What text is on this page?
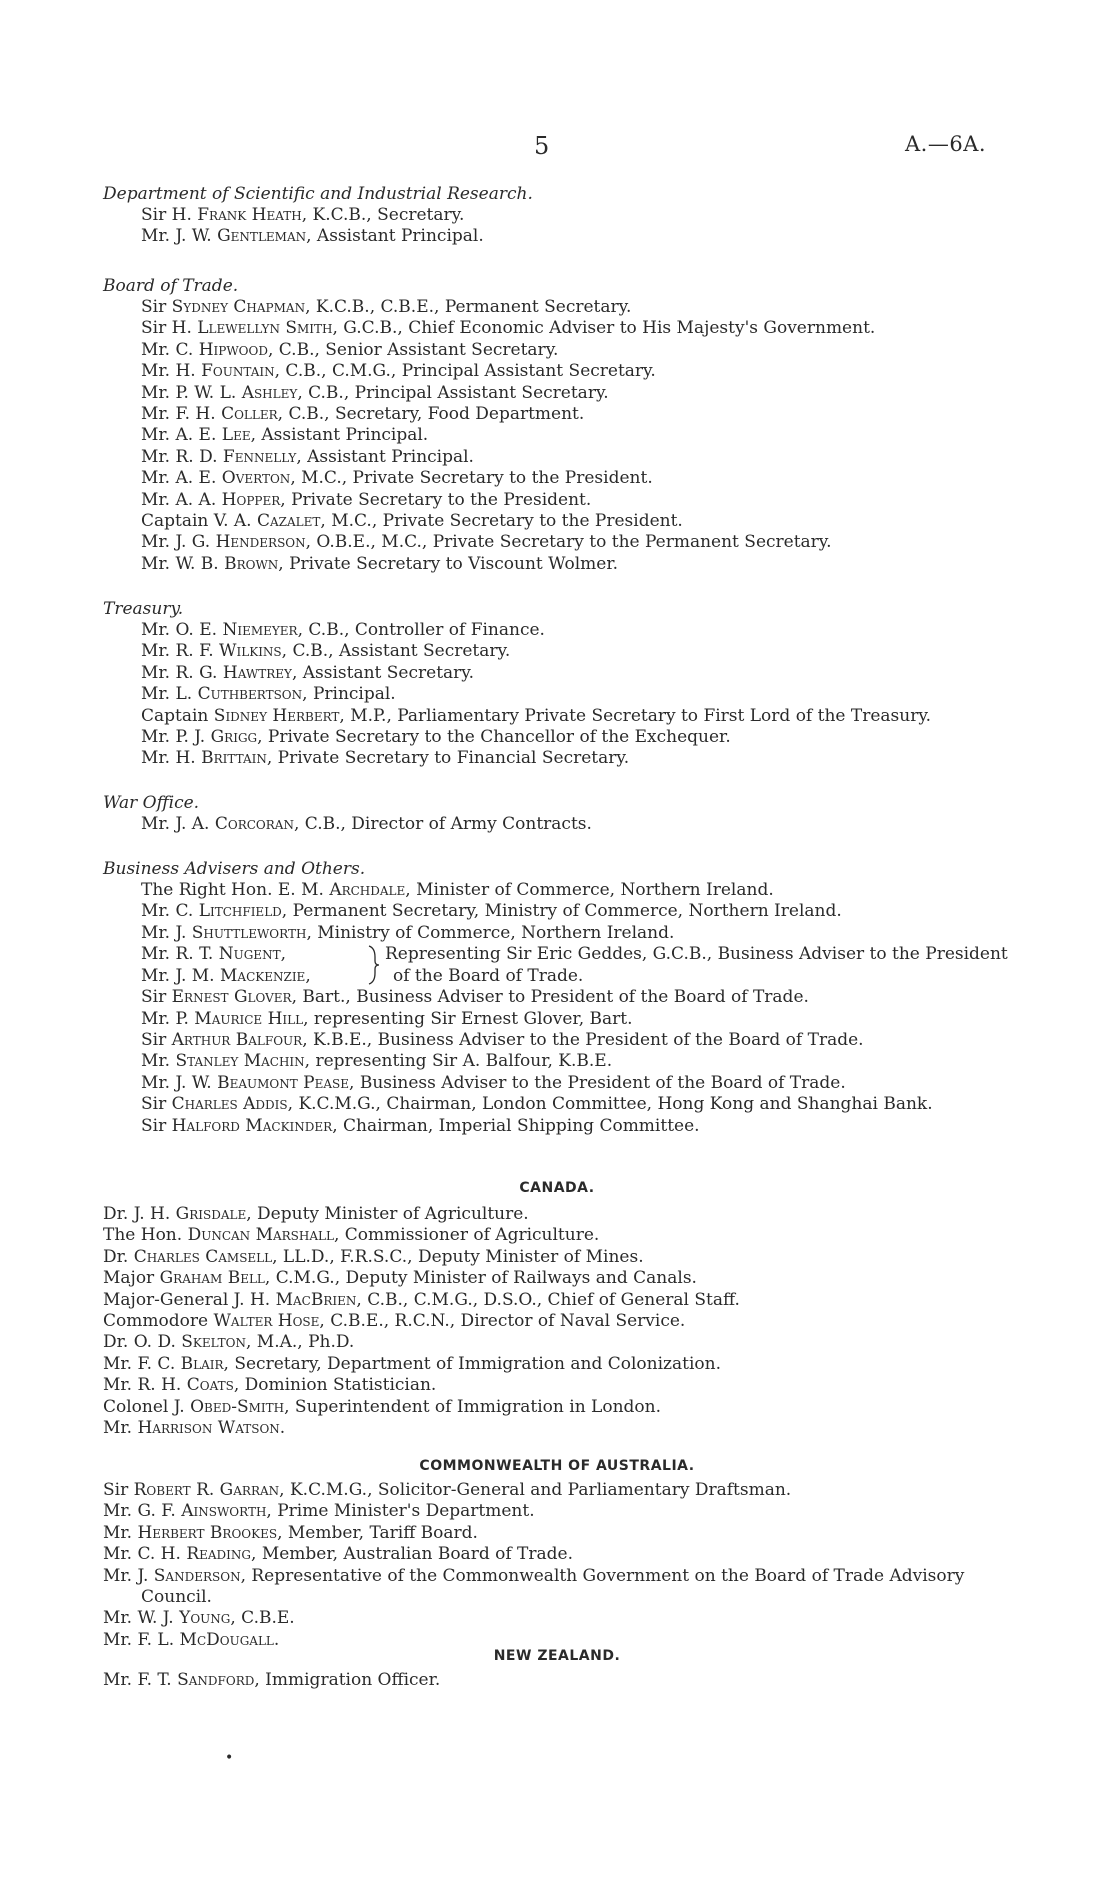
5	A.—6A.

Department of Scientific and Industrial Research.

Sir H. Frank Heath, K.C.B., Secretary.
Mr. J. W. Gentleman, Assistant Principal.

Board of Trade.

Sir Sydney Chapman, K.C.B., C.B.E., Permanent Secretary.
Sir H. Llewellyn Smith, G.C.B., Chief Economic Adviser to His Majesty's Government.
Mr. C. Hipwood, C.B., Senior Assistant Secretary.
Mr. H. Fountain, C.B., C.M.G., Principal Assistant Secretary.
Mr. P. W. L. Ashley, C.B., Principal Assistant Secretary.
Mr. F. H. Coller, C.B., Secretary, Food Department.
Mr. A. E. Lee, Assistant Principal.
Mr. R. D. Fennelly, Assistant Principal.
Mr. A. E. Overton, M.C., Private Secretary to the President.
Mr. A. A. Hopper, Private Secretary to the President.
Captain V. A. Cazalet, M.C., Private Secretary to the President.
Mr. J. G. Henderson, O.B.E., M.C., Private Secretary to the Permanent Secretary.
Mr. W. B. Brown, Private Secretary to Viscount Wolmer.

Treasury.

Mr. O. E. Niemeyer, C.B., Controller of Finance.
Mr. R. F. Wilkins, C.B., Assistant Secretary.
Mr. R. G. Hawtrey, Assistant Secretary.
Mr. L. Cuthbertson, Principal.
Captain Sidney Herbert, M.P., Parliamentary Private Secretary to First Lord of the Treasury.
Mr. P. J. Grigg, Private Secretary to the Chancellor of the Exchequer.
Mr. H. Brittain, Private Secretary to Financial Secretary.

War Office.

Mr. J. A. Corcoran, C.B., Director of Army Contracts.

Business Advisers and Others.

The Right Hon. E. M. Archdale, Minister of Commerce, Northern Ireland.
Mr. C. Litchfield, Permanent Secretary, Ministry of Commerce, Northern Ireland.
Mr. J. Shuttleworth, Ministry of Commerce, Northern Ireland.
Mr. R. T. Nugent,
Mr. J. M. Mackenzie,
Representing Sir Eric Geddes, G.C.B., Business Adviser to the President
of the Board of Trade.
Sir Ernest Glover, Bart., Business Adviser to President of the Board of Trade.
Mr. P. Maurice Hill, representing Sir Ernest Glover, Bart.
Sir Arthur Balfour, K.B.E., Business Adviser to the President of the Board of Trade.
Mr. Stanley Machin, representing Sir A. Balfour, K.B.E.
Mr. J. W. Beaumont Pease, Business Adviser to the President of the Board of Trade.
Sir Charles Addis, K.C.M.G., Chairman, London Committee, Hong Kong and Shanghai Bank.
Sir Halford Mackinder, Chairman, Imperial Shipping Committee.
CANADA.
Dr. J. H. Grisdale, Deputy Minister of Agriculture.
The Hon. Duncan Marshall, Commissioner of Agriculture.
Dr. Charles Camsell, LL.D., F.R.S.C., Deputy Minister of Mines.
Major Graham Bell, C.M.G., Deputy Minister of Railways and Canals.
Major-General J. H. MacBrien, C.B., C.M.G., D.S.O., Chief of General Staff.
Commodore Walter Hose, C.B.E., R.C.N., Director of Naval Service.
Dr. O. D. Skelton, M.A., Ph.D.
Mr. F. C. Blair, Secretary, Department of Immigration and Colonization.
Mr. R. H. Coats, Dominion Statistician.
Colonel J. Obed-Smith, Superintendent of Immigration in London.
Mr. Harrison Watson.
COMMONWEALTH OF AUSTRALIA.
Sir Robert R. Garran, K.C.M.G., Solicitor-General and Parliamentary Draftsman.
Mr. G. F. Ainsworth, Prime Minister's Department.
Mr. Herbert Brookes, Member, Tariff Board.
Mr. C. H. Reading, Member, Australian Board of Trade.
Mr. J. Sanderson, Representative of the Commonwealth Government on the Board of Trade Advisory Council.
Mr. W. J. Young, C.B.E.
Mr. F. L. McDougall.
NEW ZEALAND.
Mr. F. T. Sandford, Immigration Officer.
•
